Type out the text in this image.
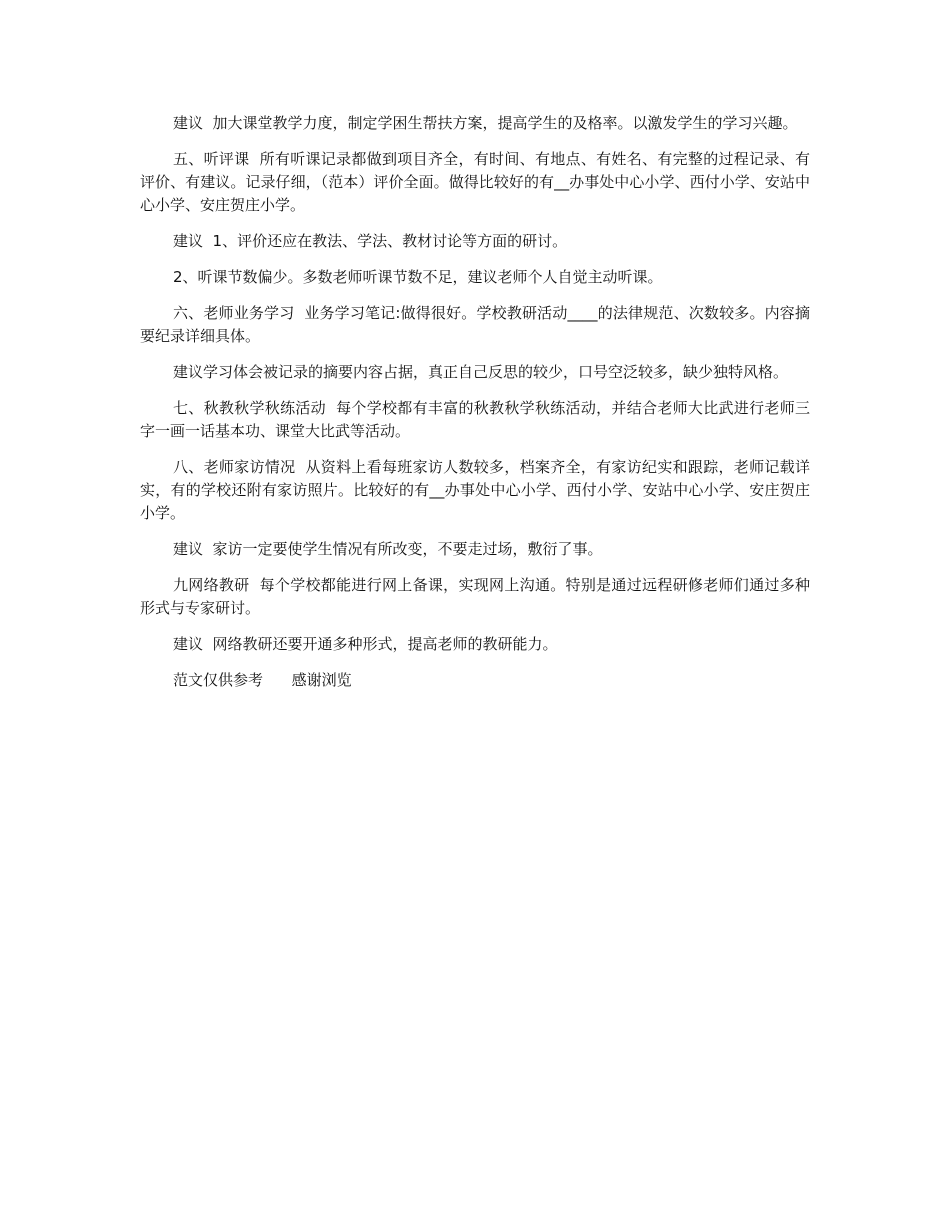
建议  加大课堂教学力度，制定学困生帮扶方案，提高学生的及格率。以激发学生的学习兴趣。

五、听评课  所有听课记录都做到项目齐全，有时间、有地点、有姓名、有完整的过程记录、有评价、有建议。记录仔细，（范本）评价全面。做得比较好的有__办事处中心小学、西付小学、安站中心小学、安庄贺庄小学。

建议  1、评价还应在教法、学法、教材讨论等方面的研讨。

2、听课节数偏少。多数老师听课节数不足，建议老师个人自觉主动听课。

六、老师业务学习  业务学习笔记:做得很好。学校教研活动____的法律规范、次数较多。内容摘要纪录详细具体。

建议学习体会被记录的摘要内容占据，真正自己反思的较少，口号空泛较多，缺少独特风格。

七、秋教秋学秋练活动  每个学校都有丰富的秋教秋学秋练活动，并结合老师大比武进行老师三字一画一话基本功、课堂大比武等活动。

八、老师家访情况  从资料上看每班家访人数较多，档案齐全，有家访纪实和跟踪，老师记载详实，有的学校还附有家访照片。比较好的有__办事处中心小学、西付小学、安站中心小学、安庄贺庄小学。

建议  家访一定要使学生情况有所改变，不要走过场，敷衍了事。

九网络教研  每个学校都能进行网上备课，实现网上沟通。特别是通过远程研修老师们通过多种形式与专家研讨。

建议  网络教研还要开通多种形式，提高老师的教研能力。

范文仅供参考      感谢浏览
